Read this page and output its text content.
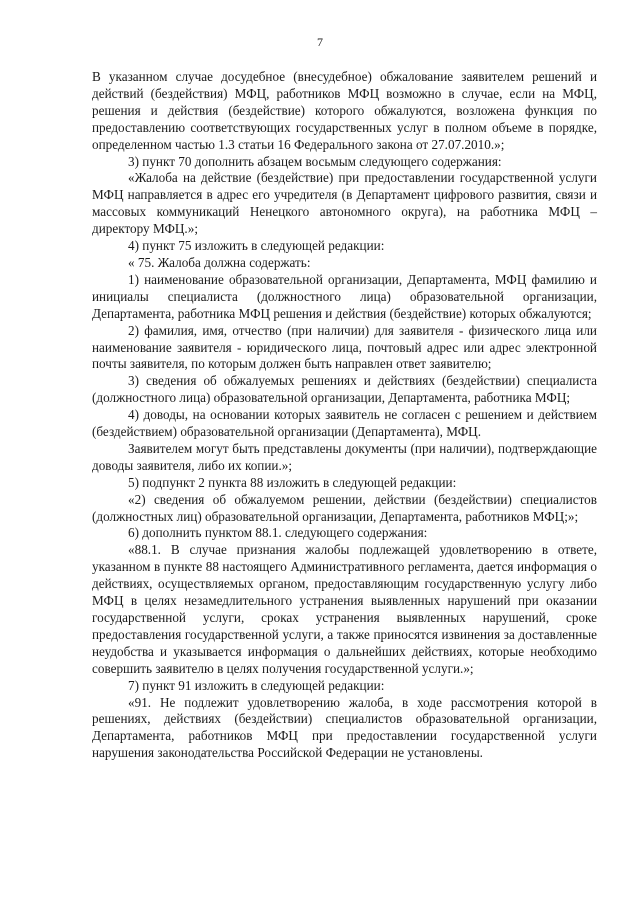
7

В указанном случае досудебное (внесудебное) обжалование заявителем решений и действий (бездействия) МФЦ, работников МФЦ возможно в случае, если на МФЦ, решения и действия (бездействие) которого обжалуются, возложена функция по предоставлению соответствующих государственных услуг в полном объеме в порядке, определенном частью 1.3 статьи 16 Федерального закона от 27.07.2010.»;

3) пункт 70 дополнить абзацем восьмым следующего содержания:

«Жалоба на действие (бездействие) при предоставлении государственной услуги МФЦ направляется в адрес его учредителя (в Департамент цифрового развития, связи и массовых коммуникаций Ненецкого автономного округа), на работника МФЦ – директору МФЦ.»;

4) пункт 75 изложить в следующей редакции:

« 75. Жалоба должна содержать:

1) наименование образовательной организации, Департамента, МФЦ фамилию и инициалы специалиста (должностного лица) образовательной организации, Департамента, работника МФЦ решения и действия (бездействие) которых обжалуются;

2) фамилия, имя, отчество (при наличии) для заявителя - физического лица или наименование заявителя - юридического лица, почтовый адрес или адрес электронной почты заявителя, по которым должен быть направлен ответ заявителю;

3) сведения об обжалуемых решениях и действиях (бездействии) специалиста (должностного лица) образовательной организации, Департамента, работника МФЦ;

4) доводы, на основании которых заявитель не согласен с решением и действием (бездействием) образовательной организации (Департамента), МФЦ.

Заявителем могут быть представлены документы (при наличии), подтверждающие доводы заявителя, либо их копии.»;

5) подпункт 2 пункта 88 изложить в следующей редакции:

«2) сведения об обжалуемом решении, действии (бездействии) специалистов (должностных лиц) образовательной организации, Департамента, работников МФЦ;»;

6) дополнить пунктом 88.1. следующего содержания:

«88.1. В случае признания жалобы подлежащей удовлетворению в ответе, указанном в пункте 88 настоящего Административного регламента, дается информация о действиях, осуществляемых органом, предоставляющим государственную услугу либо МФЦ в целях незамедлительного устранения выявленных нарушений при оказании государственной услуги, сроках устранения выявленных нарушений, сроке предоставления государственной услуги, а также приносятся извинения за доставленные неудобства и указывается информация о дальнейших действиях, которые необходимо совершить заявителю в целях получения государственной услуги.»;

7) пункт 91 изложить в следующей редакции:

«91. Не подлежит удовлетворению жалоба, в ходе рассмотрения которой в решениях, действиях (бездействии) специалистов образовательной организации, Департамента, работников МФЦ при предоставлении государственной услуги нарушения законодательства Российской Федерации не установлены.
